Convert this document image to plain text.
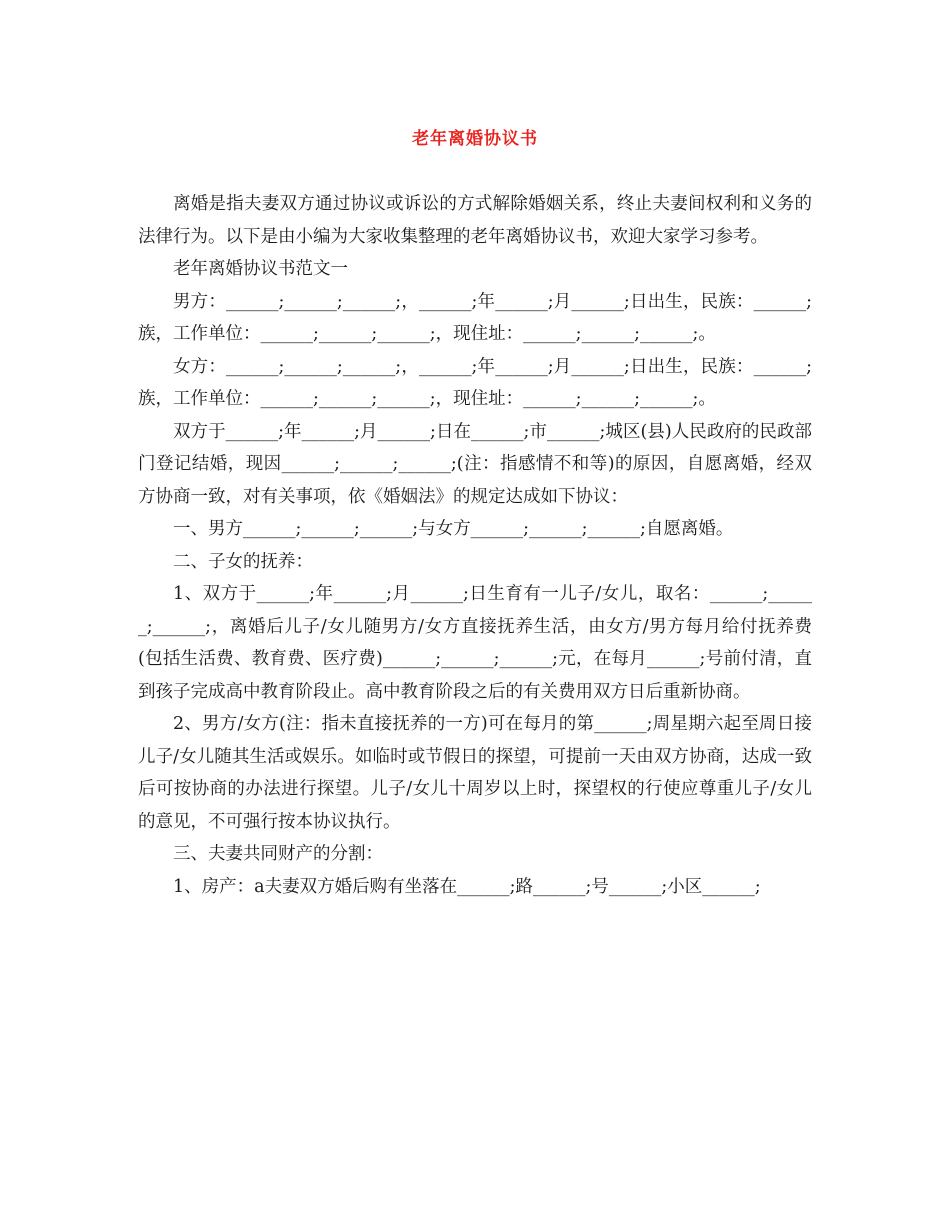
老年离婚协议书

离婚是指夫妻双方通过协议或诉讼的方式解除婚姻关系，终止夫妻间权利和义务的法律行为。以下是由小编为大家收集整理的老年离婚协议书，欢迎大家学习参考。

老年离婚协议书范文一

男方：______;______;______;，______;年______;月______;日出生，民族：______;族，工作单位：______;______;______;，现住址：______;______;______;。

女方：______;______;______;，______;年______;月______;日出生，民族：______;族，工作单位：______;______;______;，现住址：______;______;______;。

双方于______;年______;月______;日在______;市______;城区(县)人民政府的民政部门登记结婚，现因______;______;______;(注：指感情不和等)的原因，自愿离婚，经双方协商一致，对有关事项，依《婚姻法》的规定达成如下协议：

一、男方______;______;______;与女方______;______;______;自愿离婚。

二、子女的抚养：

1、双方于______;年______;月______;日生育有一儿子/女儿，取名：______;______;______;，离婚后儿子/女儿随男方/女方直接抚养生活，由女方/男方每月给付抚养费(包括生活费、教育费、医疗费)______;______;______;元，在每月______;号前付清，直到孩子完成高中教育阶段止。高中教育阶段之后的有关费用双方日后重新协商。

2、男方/女方(注：指未直接抚养的一方)可在每月的第______;周星期六起至周日接儿子/女儿随其生活或娱乐。如临时或节假日的探望，可提前一天由双方协商，达成一致后可按协商的办法进行探望。儿子/女儿十周岁以上时，探望权的行使应尊重儿子/女儿的意见，不可强行按本协议执行。

三、夫妻共同财产的分割：

1、房产：a夫妻双方婚后购有坐落在______;路______;号______;小区______;
